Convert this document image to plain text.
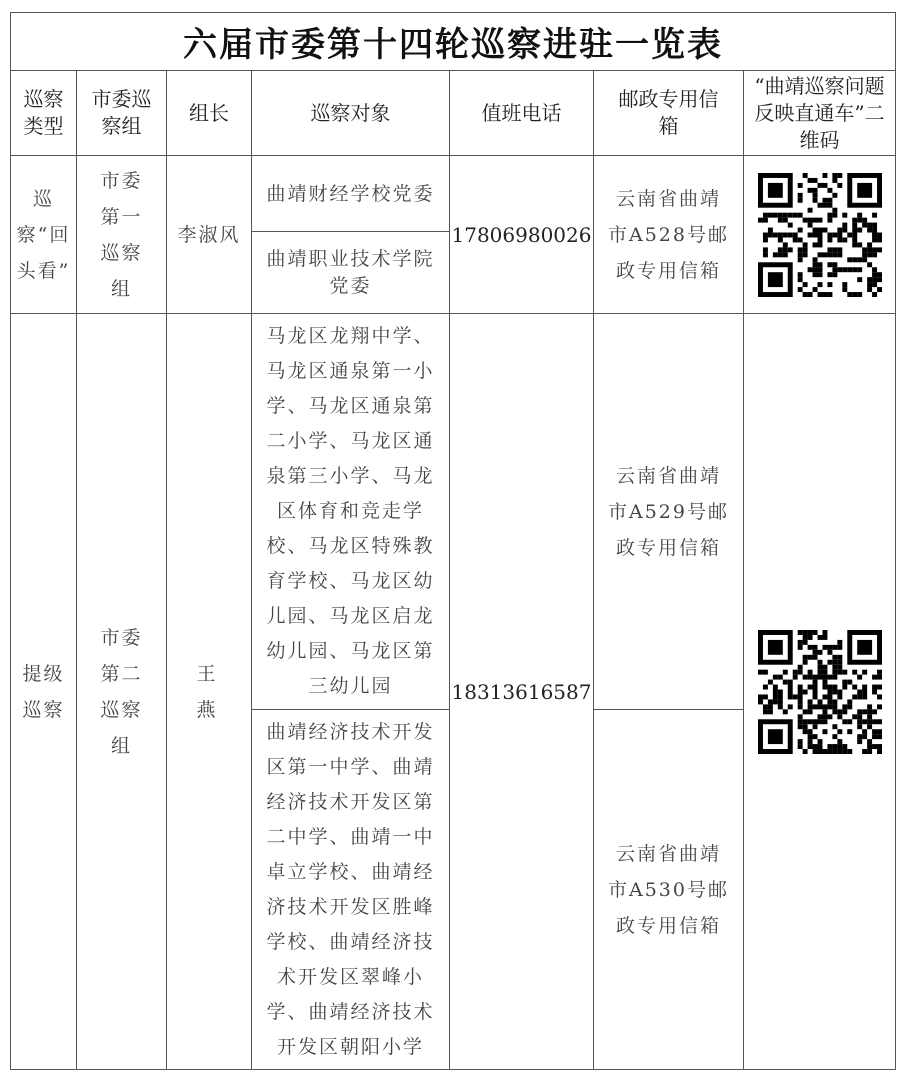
六届市委第十四轮巡察进驻一览表
巡察类型
市委巡察组
组长	巡察对象	值班电话
邮政专用信箱
“曲靖巡察问题反映直通车”二维码
巡察“回头看”
市委第一巡察组
李淑风
曲靖财经学校党委
曲靖职业技术学院党委
17806980026
云南省曲靖市A528号邮政专用信箱
提级巡察
市委第二巡察组
王　燕
马龙区龙翔中学、马龙区通泉第一小学、马龙区通泉第二小学、马龙区通泉第三小学、马龙区体育和竞走学校、马龙区特殊教育学校、马龙区幼儿园、马龙区启龙幼儿园、马龙区第三幼儿园
曲靖经济技术开发区第一中学、曲靖经济技术开发区第二中学、曲靖一中卓立学校、曲靖经济技术开发区胜峰学校、曲靖经济技术开发区翠峰小学、曲靖经济技术开发区朝阳小学
18313616587
云南省曲靖市A529号邮政专用信箱
云南省曲靖市A530号邮政专用信箱
